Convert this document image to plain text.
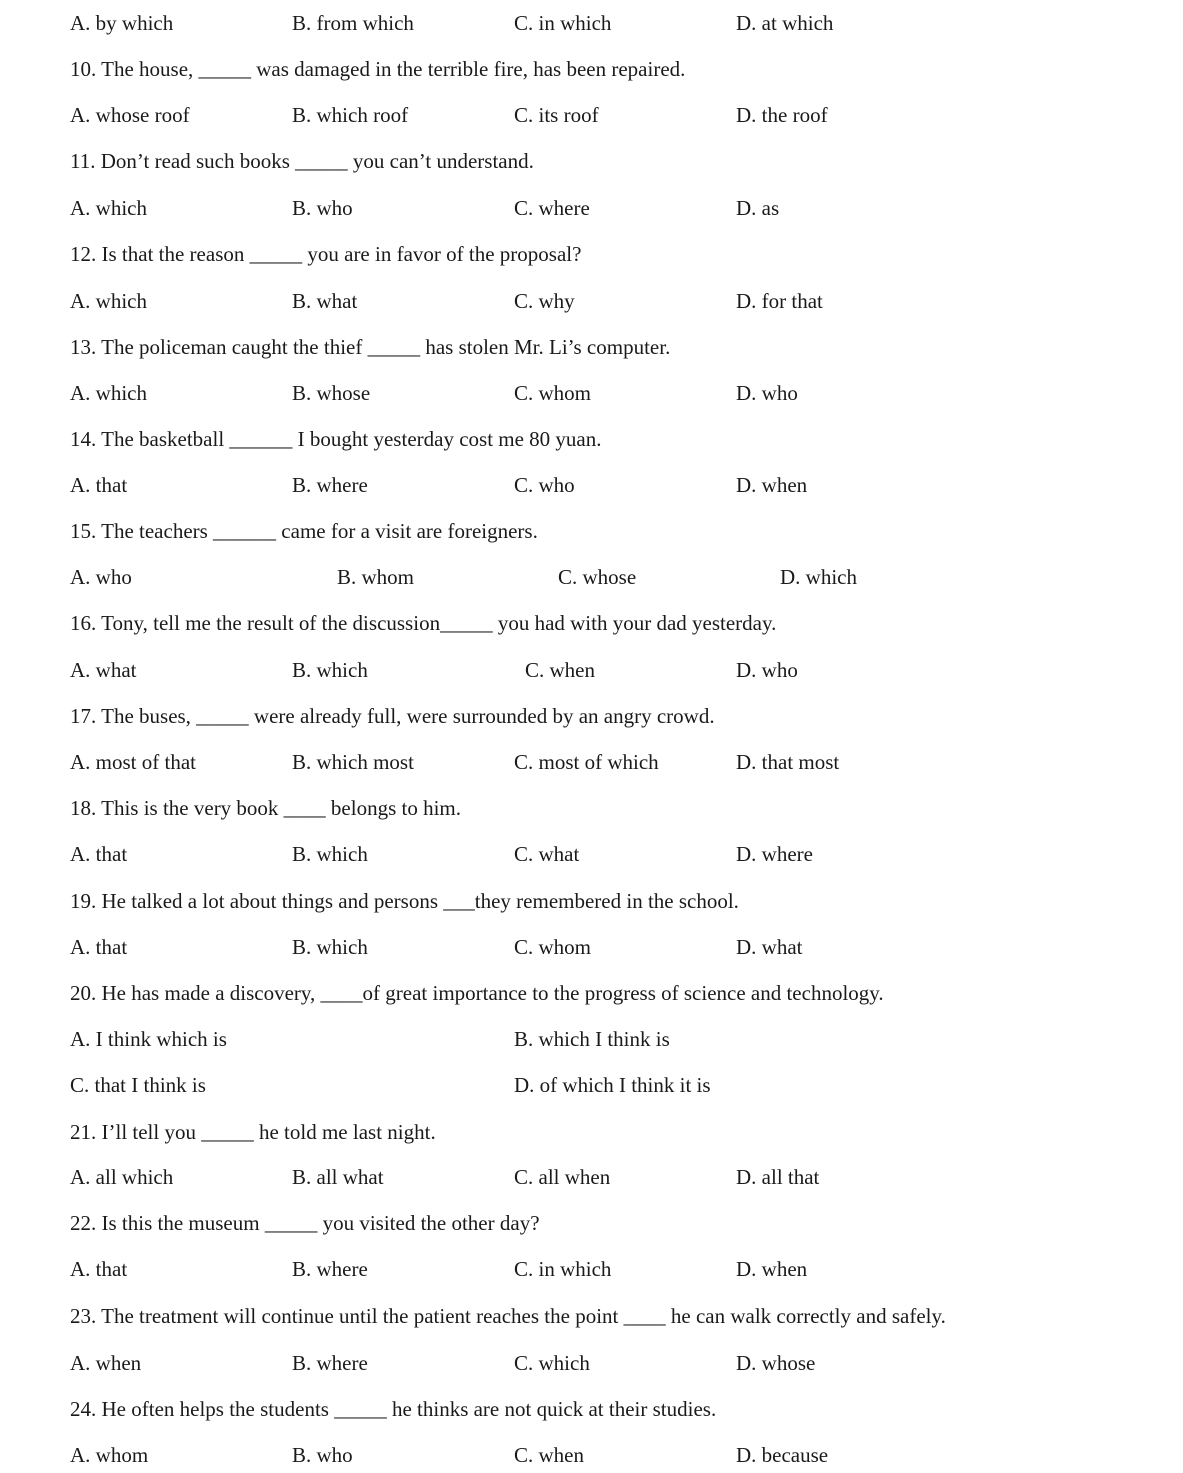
A. by which	B. from which	C. in which	D. at which
10. The house, _____ was damaged in the terrible fire, has been repaired.
A. whose roof	B. which roof	C. its roof	D. the roof
11. Don’t read such books _____ you can’t understand.
A. which	B. who	C. where	D. as
12. Is that the reason _____ you are in favor of the proposal?
A. which	B. what	C. why	D. for that
13. The policeman caught the thief _____ has stolen Mr. Li’s computer.
A. which	B. whose	C. whom	D. who
14. The basketball ______ I bought yesterday cost me 80 yuan.
A. that	B. where	C. who	D. when
15. The teachers ______ came for a visit are foreigners.
A. who	B. whom	C. whose	D. which
16. Tony, tell me the result of the discussion_____ you had with your dad yesterday.
A. what	B. which	C. when	D. who
17. The buses, _____ were already full, were surrounded by an angry crowd.
A. most of that	B. which most	C. most of which	D. that most
18. This is the very book ____ belongs to him.
A. that	B. which	C. what	D. where
19. He talked a lot about things and persons ___they remembered in the school.
A. that	B. which	C. whom	D. what
20. He has made a discovery, ____of great importance to the progress of science and technology.
A. I think which is	B. which I think is
C. that I think is	D. of which I think it is
21. I’ll tell you _____ he told me last night.
A. all which	B. all what	C. all when	D. all that
22. Is this the museum _____ you visited the other day?
A. that	B. where	C. in which	D. when
23. The treatment will continue until the patient reaches the point ____ he can walk correctly and safely.
A. when	B. where	C. which	D. whose
24. He often helps the students _____ he thinks are not quick at their studies.
A. whom	B. who	C. when	D. because
